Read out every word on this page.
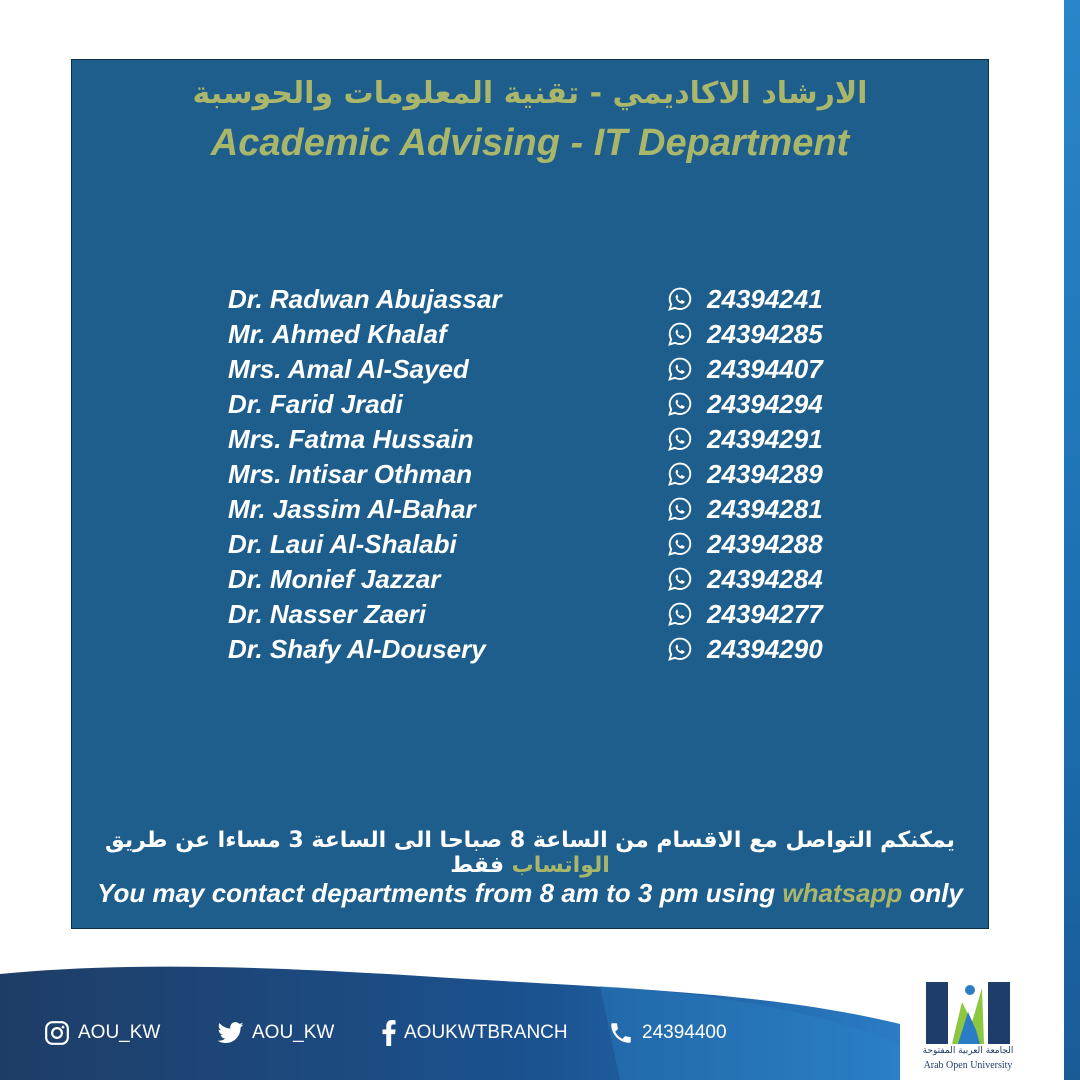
الارشاد الاكاديمي - تقنية المعلومات والحوسبة
Academic Advising - IT Department
Dr. Radwan Abujassar	24394241
Mr. Ahmed Khalaf	24394285
Mrs. Amal Al-Sayed	24394407
Dr. Farid Jradi	24394294
Mrs. Fatma Hussain	24394291
Mrs. Intisar Othman	24394289
Mr. Jassim Al-Bahar	24394281
Dr. Laui Al-Shalabi	24394288
Dr. Monief Jazzar	24394284
Dr. Nasser Zaeri	24394277
Dr. Shafy Al-Dousery	24394290
يمكنكم التواصل مع الاقسام من الساعة 8 صباحا الى الساعة 3 مساءا عن طريق الواتساب فقط
You may contact departments from 8 am to 3 pm using whatsapp only
AOU_KW	AOU_KW	AOUKWTBRANCH	24394400
الجامعة العربية المفتوحة
Arab Open University
